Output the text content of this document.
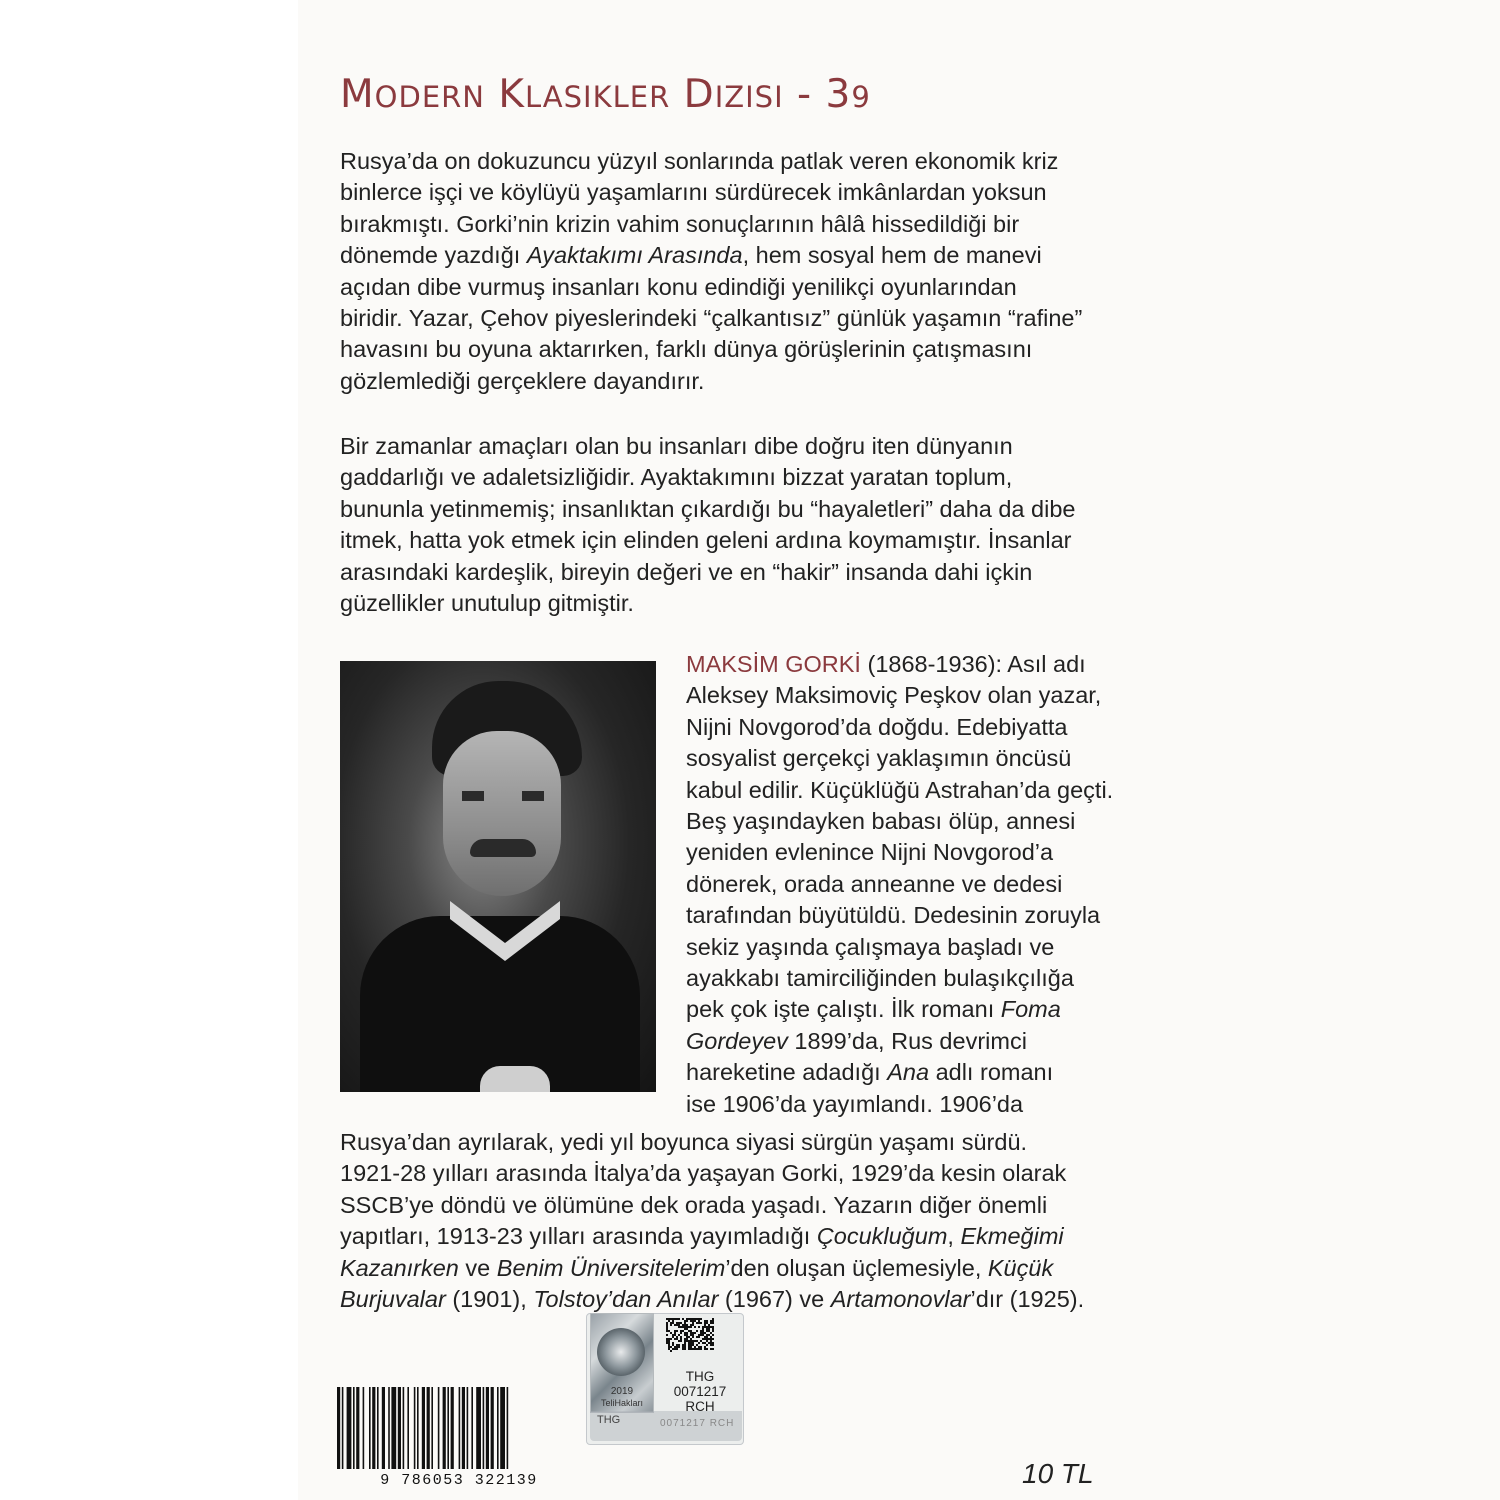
MODERN KLASIKLER DIZISI - 39
Rusya’da on dokuzuncu yüzyıl sonlarında patlak veren ekonomik kriz
binlerce işçi ve köylüyü yaşamlarını sürdürecek imkânlardan yoksun
bırakmıştı. Gorki’nin krizin vahim sonuçlarının hâlâ hissedildiği bir
dönemde yazdığı Ayaktakımı Arasında, hem sosyal hem de manevi
açıdan dibe vurmuş insanları konu edindiği yenilikçi oyunlarından
biridir. Yazar, Çehov piyeslerindeki “çalkantısız” günlük yaşamın “rafine”
havasını bu oyuna aktarırken, farklı dünya görüşlerinin çatışmasını
gözlemlediği gerçeklere dayandırır.
Bir zamanlar amaçları olan bu insanları dibe doğru iten dünyanın
gaddarlığı ve adaletsizliğidir. Ayaktakımını bizzat yaratan toplum,
bununla yetinmemiş; insanlıktan çıkardığı bu “hayaletleri” daha da dibe
itmek, hatta yok etmek için elinden geleni ardına koymamıştır. İnsanlar
arasındaki kardeşlik, bireyin değeri ve en “hakir” insanda dahi içkin
güzellikler unutulup gitmiştir.
MAKSİM GORKİ (1868-1936): Asıl adı
Aleksey Maksimoviç Peşkov olan yazar,
Nijni Novgorod’da doğdu. Edebiyatta
sosyalist gerçekçi yaklaşımın öncüsü
kabul edilir. Küçüklüğü Astrahan’da geçti.
Beş yaşındayken babası ölüp, annesi
yeniden evlenince Nijni Novgorod’a
dönerek, orada anneanne ve dedesi
tarafından büyütüldü. Dedesinin zoruyla
sekiz yaşında çalışmaya başladı ve
ayakkabı tamirciliğinden bulaşıkçılığa
pek çok işte çalıştı. İlk romanı Foma
Gordeyev 1899’da, Rus devrimci
hareketine adadığı Ana adlı romanı
ise 1906’da yayımlandı. 1906’da
Rusya’dan ayrılarak, yedi yıl boyunca siyasi sürgün yaşamı sürdü.
1921-28 yılları arasında İtalya’da yaşayan Gorki, 1929’da kesin olarak
SSCB’ye döndü ve ölümüne dek orada yaşadı. Yazarın diğer önemli
yapıtları, 1913-23 yılları arasında yayımladığı Çocukluğum, Ekmeğimi
Kazanırken ve Benim Üniversitelerim’den oluşan üçlemesiyle, Küçük
Burjuvalar (1901), Tolstoy’dan Anılar (1967) ve Artamonovlar’dır (1925).
9 786053 322139
2019
TeliHakları
THG	0071217 RCH
THG
0071217
RCH
10 TL
